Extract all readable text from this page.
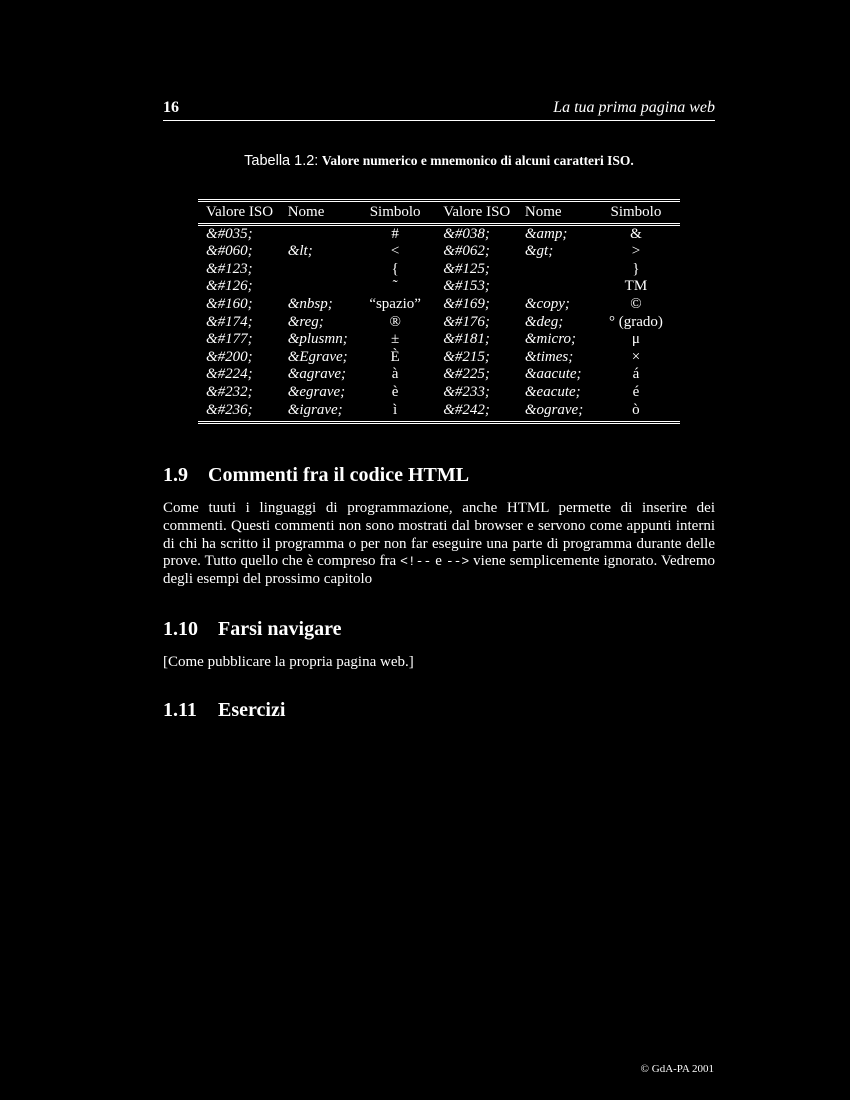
16	La tua prima pagina web
Tabella 1.2: Valore numerico e mnemonico di alcuni caratteri ISO.
Valore ISO	Nome	Simbolo	Valore ISO	Nome	Simbolo
&#035;		#	&#038;	&amp;	&
&#060;	&lt;	<	&#062;	&gt;	>
&#123;		{	&#125;		}
&#126;		˜	&#153;		TM
&#160;	&nbsp;	“spazio”	&#169;	&copy;	©
&#174;	&reg;	®	&#176;	&deg;	° (grado)
&#177;	&plusmn;	±	&#181;	&micro;	μ
&#200;	&Egrave;	È	&#215;	&times;	×
&#224;	&agrave;	à	&#225;	&aacute;	á
&#232;	&egrave;	è	&#233;	&eacute;	é
&#236;	&igrave;	ì	&#242;	&ograve;	ò
1.9 Commenti fra il codice HTML

Come tuuti i linguaggi di programmazione, anche HTML permette di inserire dei commenti. Questi commenti non sono mostrati dal browser e servono come appunti interni di chi ha scritto il programma o per non far eseguire una parte di programma durante delle prove. Tutto quello che è compreso fra <!-- e --> viene semplicemente ignorato. Vedremo degli esempi del prossimo capitolo

1.10 Farsi navigare

[Come pubblicare la propria pagina web.]

1.11 Esercizi
© GdA-PA 2001
